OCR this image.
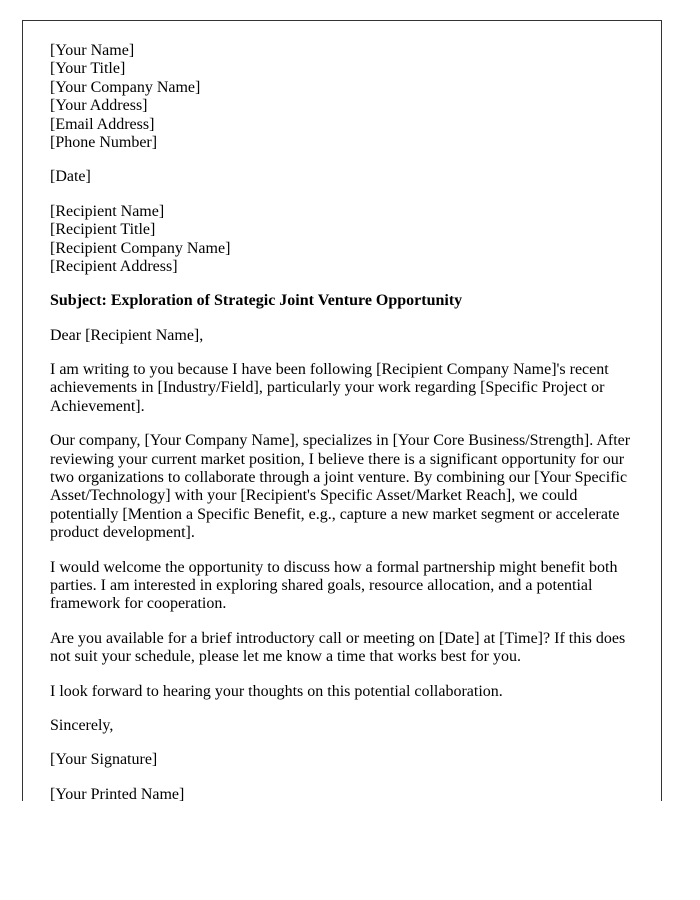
[Your Name]
[Your Title]
[Your Company Name]
[Your Address]
[Email Address]
[Phone Number]

[Date]

[Recipient Name]
[Recipient Title]
[Recipient Company Name]
[Recipient Address]

Subject: Exploration of Strategic Joint Venture Opportunity

Dear [Recipient Name],

I am writing to you because I have been following [Recipient Company Name]'s recent achievements in [Industry/Field], particularly your work regarding [Specific Project or Achievement].

Our company, [Your Company Name], specializes in [Your Core Business/Strength]. After reviewing your current market position, I believe there is a significant opportunity for our two organizations to collaborate through a joint venture. By combining our [Your Specific Asset/Technology] with your [Recipient's Specific Asset/Market Reach], we could potentially [Mention a Specific Benefit, e.g., capture a new market segment or accelerate product development].

I would welcome the opportunity to discuss how a formal partnership might benefit both parties. I am interested in exploring shared goals, resource allocation, and a potential framework for cooperation.

Are you available for a brief introductory call or meeting on [Date] at [Time]? If this does not suit your schedule, please let me know a time that works best for you.

I look forward to hearing your thoughts on this potential collaboration.

Sincerely,

[Your Signature]

[Your Printed Name]
